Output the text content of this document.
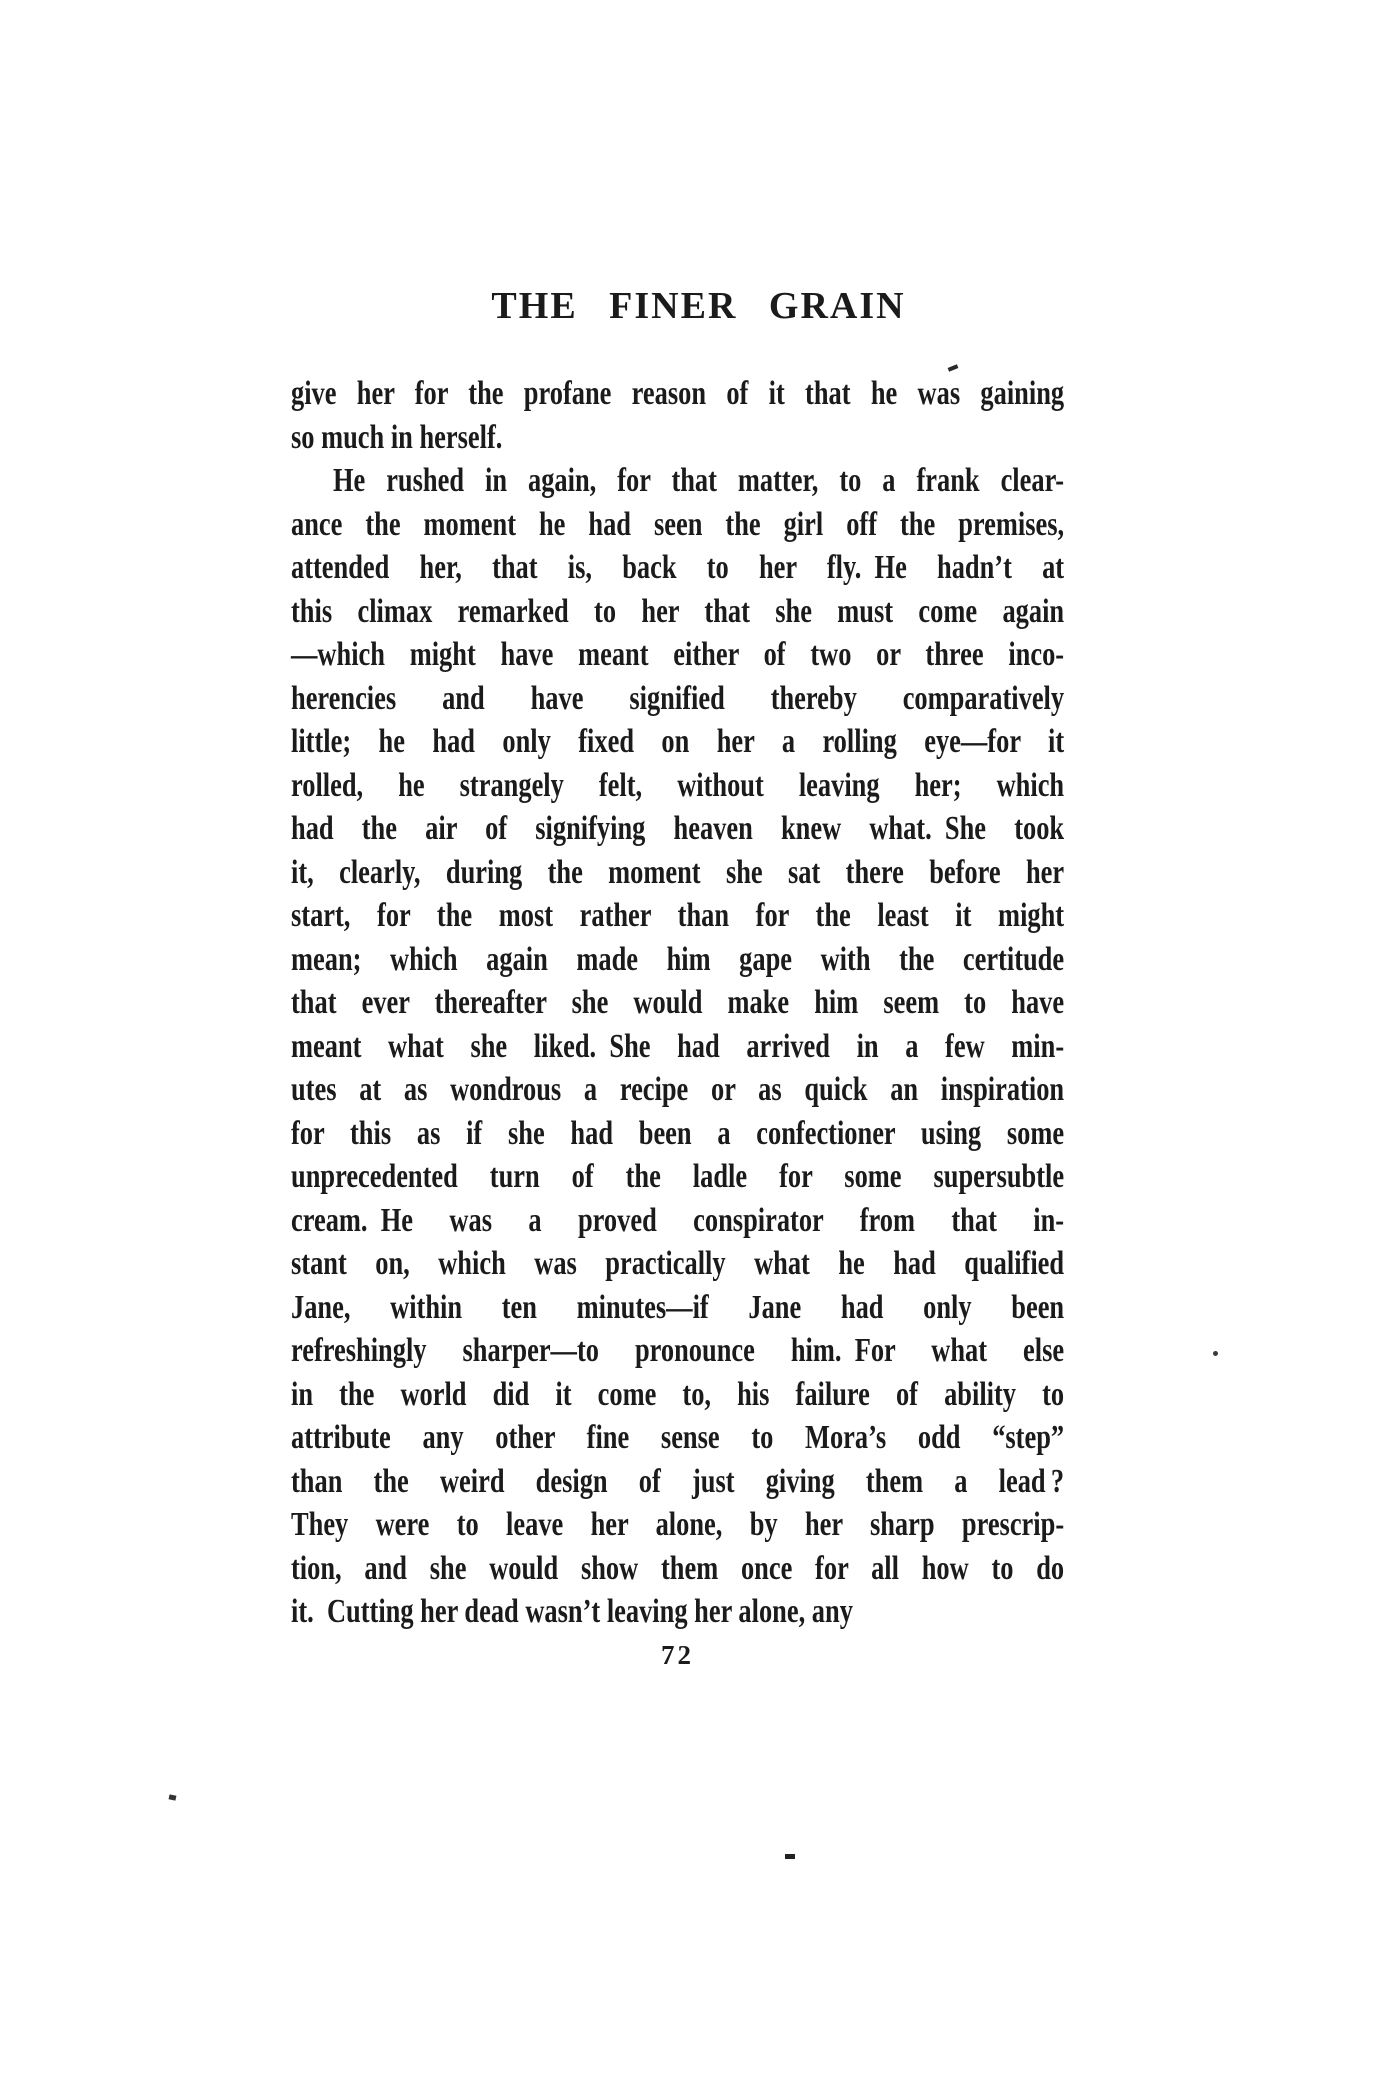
THE FINER GRAIN
give her for the profane reason of it that he was gaining
so much in herself.
He rushed in again, for that matter, to a frank clear-
ance the moment he had seen the girl off the premises,
attended her, that is, back to her fly. He hadn’t at
this climax remarked to her that she must come again
—which might have meant either of two or three inco-
herencies and have signified thereby comparatively
little; he had only fixed on her a rolling eye—for it
rolled, he strangely felt, without leaving her; which
had the air of signifying heaven knew what. She took
it, clearly, during the moment she sat there before her
start, for the most rather than for the least it might
mean; which again made him gape with the certitude
that ever thereafter she would make him seem to have
meant what she liked. She had arrived in a few min-
utes at as wondrous a recipe or as quick an inspiration
for this as if she had been a confectioner using some
unprecedented turn of the ladle for some supersubtle
cream. He was a proved conspirator from that in-
stant on, which was practically what he had qualified
Jane, within ten minutes—if Jane had only been
refreshingly sharper—to pronounce him. For what else
in the world did it come to, his failure of ability to
attribute any other fine sense to Mora’s odd “step”
than the weird design of just giving them a lead ?
They were to leave her alone, by her sharp prescrip-
tion, and she would show them once for all how to do
it. Cutting her dead wasn’t leaving her alone, any
72
